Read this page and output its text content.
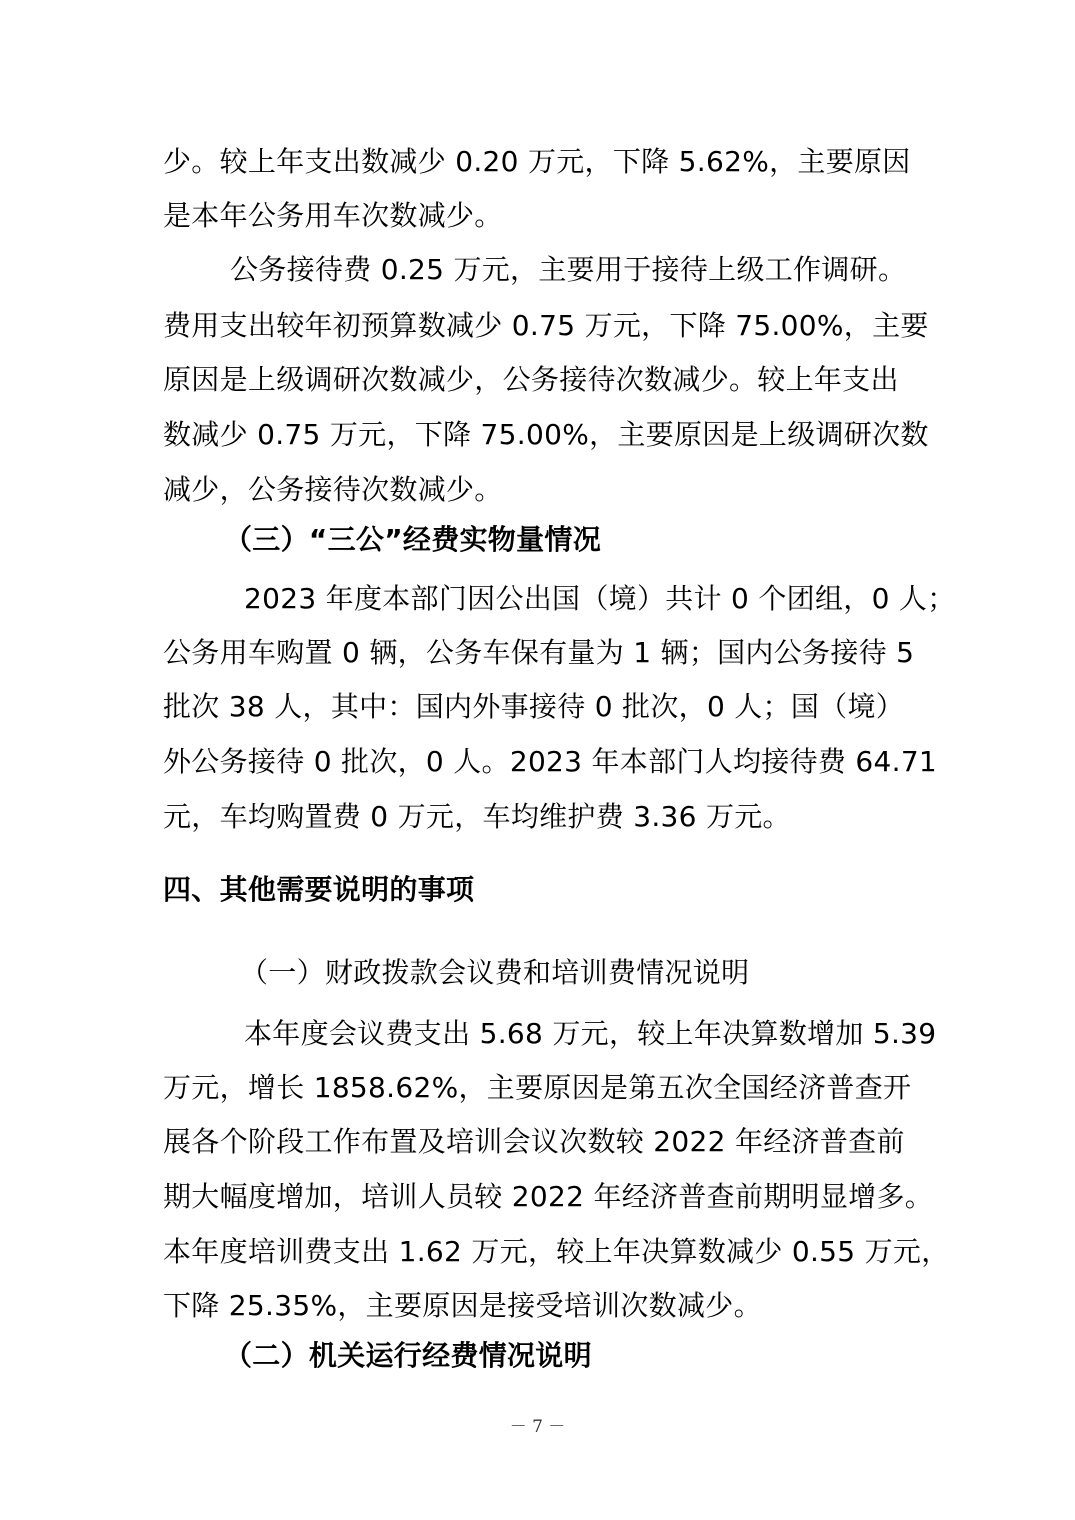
少。较上年支出数减少 0.20 万元，下降 5.62%，主要原因
是本年公务用车次数减少。
公务接待费 0.25 万元，主要用于接待上级工作调研。
费用支出较年初预算数减少 0.75 万元，下降 75.00%，主要
原因是上级调研次数减少，公务接待次数减少。较上年支出
数减少 0.75 万元，下降 75.00%，主要原因是上级调研次数
减少，公务接待次数减少。
（三）“三公”经费实物量情况
2023 年度本部门因公出国（境）共计 0 个团组，0 人；
公务用车购置 0 辆，公务车保有量为 1 辆；国内公务接待 5
批次 38 人，其中：国内外事接待 0 批次，0 人；国（境）
外公务接待 0 批次，0 人。2023 年本部门人均接待费 64.71
元，车均购置费 0 万元，车均维护费 3.36 万元。
四、其他需要说明的事项
（一）财政拨款会议费和培训费情况说明
本年度会议费支出 5.68 万元，较上年决算数增加 5.39
万元，增长 1858.62%，主要原因是第五次全国经济普查开
展各个阶段工作布置及培训会议次数较 2022 年经济普查前
期大幅度增加，培训人员较 2022 年经济普查前期明显增多。
本年度培训费支出 1.62 万元，较上年决算数减少 0.55 万元，
下降 25.35%，主要原因是接受培训次数减少。
（二）机关运行经费情况说明
－ 7 －
